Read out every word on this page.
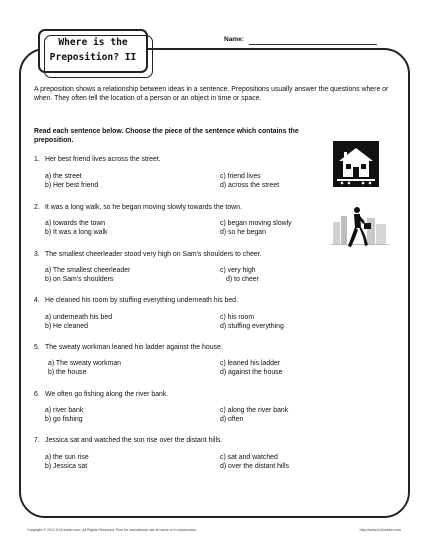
Where is the
Preposition? II
Name:
A preposition shows a relationship between ideas in a sentence. Prepositions usually answer the questions where or when. They often tell the location of a person or an object in time or space.
Read each sentence below. Choose the piece of the sentence which contains the preposition.
1. Her best friend lives across the street.
a) the street
b) Her best friend
c) friend lives
d) across the street
2. It was a long walk, so he began moving slowly towards the town.
a) towards the town
b) It was a long walk
c) began moving slowly
d) so he began
3. The smallest cheerleader stood very high on Sam's shoulders to cheer.
a) The smallest cheerleader
b) on Sam's shoulders
c) very high
d) to cheer
4. He cleaned his room by stuffing everything underneath his bed.
a) underneath his bed
b) He cleaned
c) his room
d) stuffing everything
5. The sweaty workman leaned his ladder against the house.
a) The sweaty workman
b) the house
c) leaned his ladder
d) against the house
6. We often go fishing along the river bank.
a) river bank
b) go fishing
c) along the river bank
d) often
7. Jessica sat and watched the sun rise over the distant hills.
a) the sun rise
b) Jessica sat
c) sat and watched
d) over the distant hills
Copyright © 2012 K12reader.com. All Rights Reserved. Free for educational use at home or in classrooms.	http://www.k12reader.com
